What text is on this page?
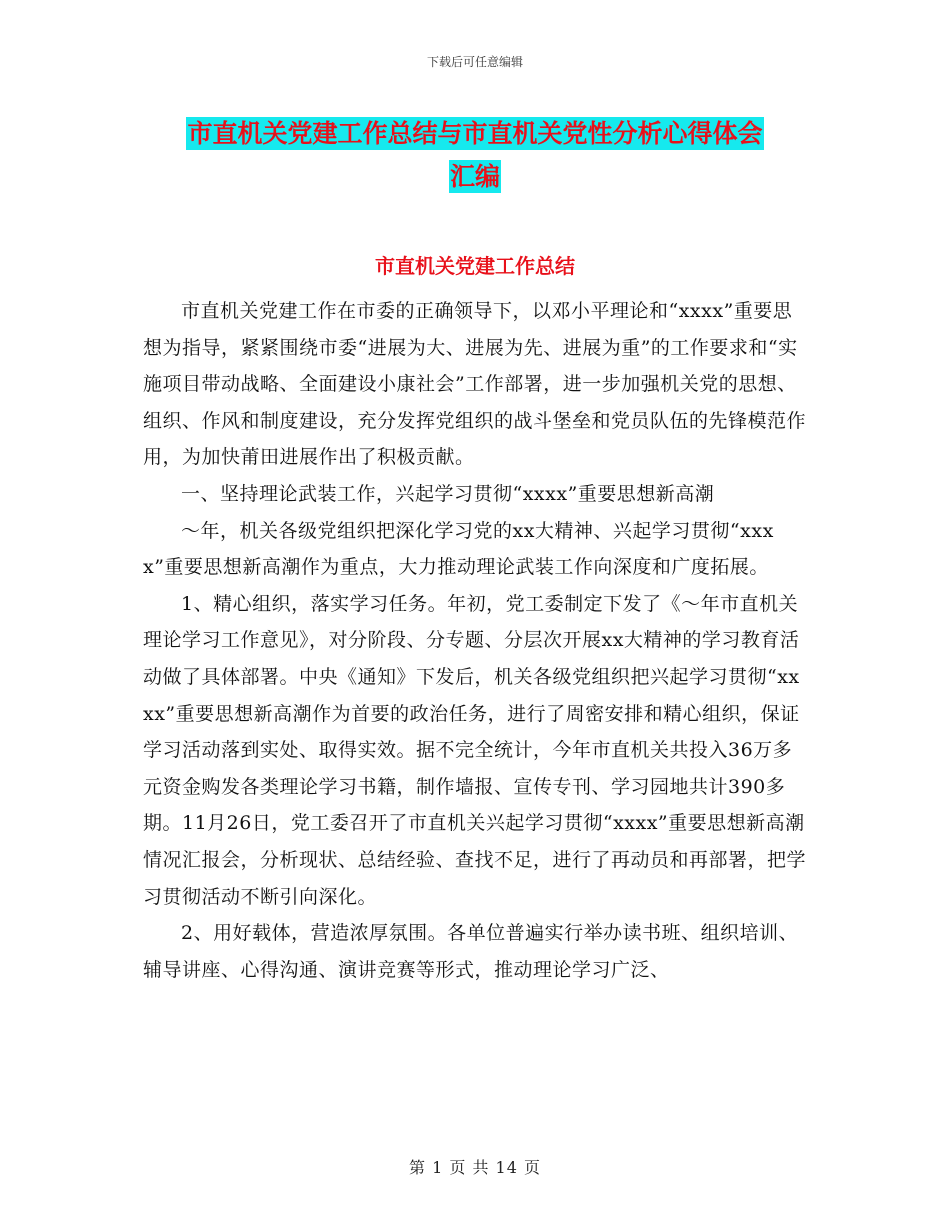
下载后可任意编辑
市直机关党建工作总结与市直机关党性分析心得体会
汇编
市直机关党建工作总结

市直机关党建工作在市委的正确领导下，以邓小平理论和“xxxx”重要思想为指导，紧紧围绕市委“进展为大、进展为先、进展为重”的工作要求和“实施项目带动战略、全面建设小康社会”工作部署，进一步加强机关党的思想、组织、作风和制度建设，充分发挥党组织的战斗堡垒和党员队伍的先锋模范作用，为加快莆田进展作出了积极贡献。

一、坚持理论武装工作，兴起学习贯彻“xxxx”重要思想新高潮

～年，机关各级党组织把深化学习党的xx大精神、兴起学习贯彻“xxxx”重要思想新高潮作为重点，大力推动理论武装工作向深度和广度拓展。

1、精心组织，落实学习任务。年初，党工委制定下发了《～年市直机关理论学习工作意见》，对分阶段、分专题、分层次开展xx大精神的学习教育活动做了具体部署。中央《通知》下发后，机关各级党组织把兴起学习贯彻“xxxx”重要思想新高潮作为首要的政治任务，进行了周密安排和精心组织，保证学习活动落到实处、取得实效。据不完全统计，今年市直机关共投入36万多元资金购发各类理论学习书籍，制作墙报、宣传专刊、学习园地共计390多期。11月26日，党工委召开了市直机关兴起学习贯彻“xxxx”重要思想新高潮情况汇报会，分析现状、总结经验、查找不足，进行了再动员和再部署，把学习贯彻活动不断引向深化。

2、用好载体，营造浓厚氛围。各单位普遍实行举办读书班、组织培训、辅导讲座、心得沟通、演讲竞赛等形式，推动理论学习广泛、

第 1 页 共 14 页
